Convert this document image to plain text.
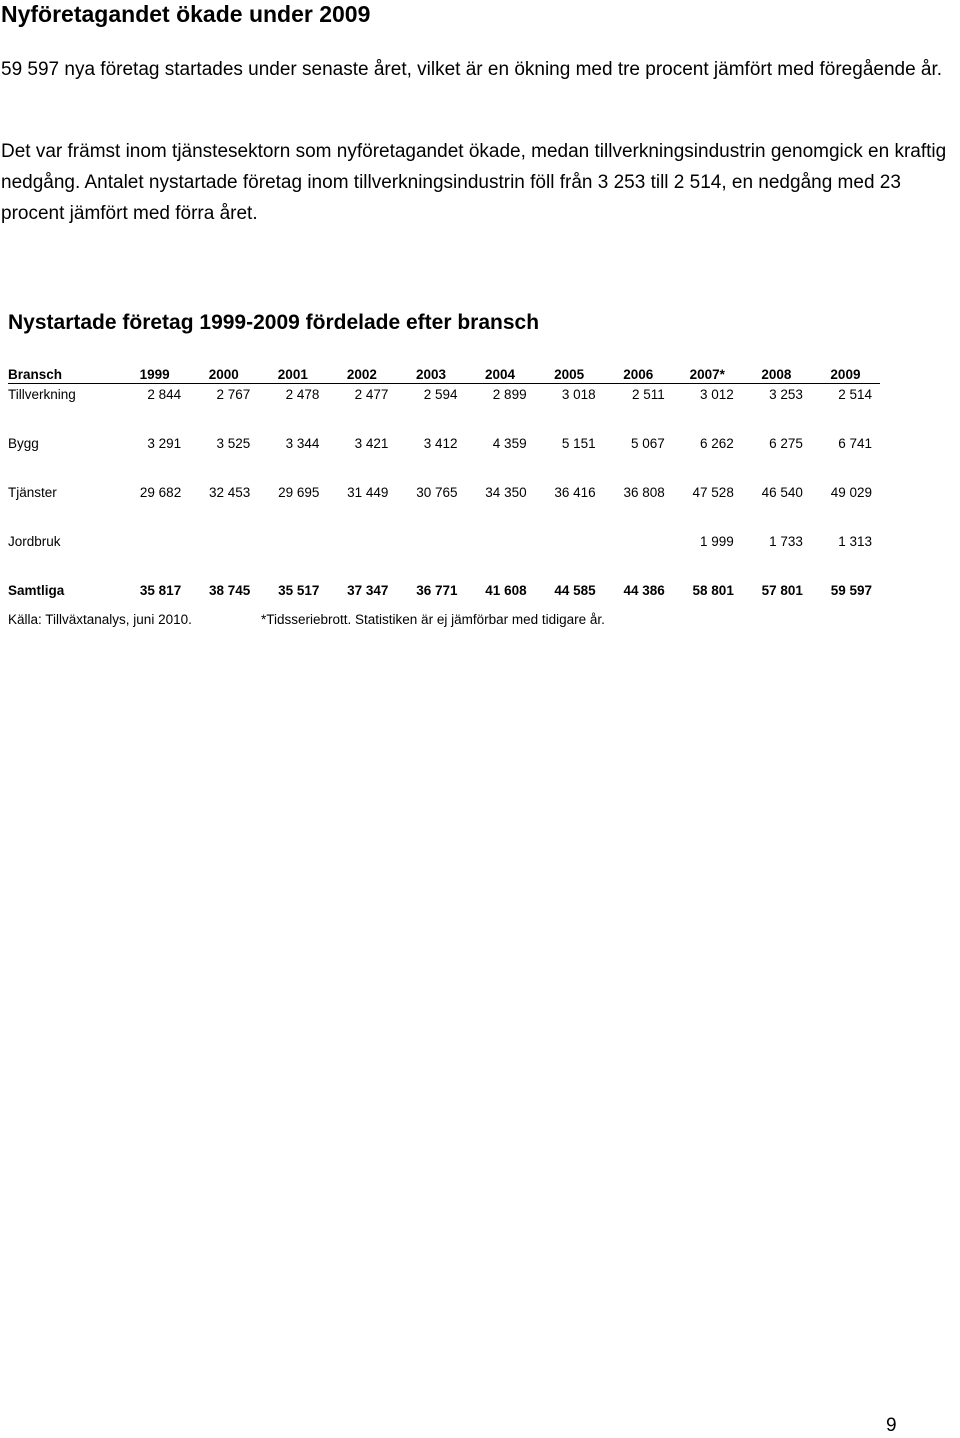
Nyföretagandet ökade under 2009

59 597 nya företag startades under senaste året, vilket är en ökning med tre procent jämfört med föregående år.

Det var främst inom tjänstesektorn som nyföretagandet ökade, medan tillverkningsindustrin genomgick en kraftig nedgång. Antalet nystartade företag inom tillverkningsindustrin föll från 3 253 till 2 514, en nedgång med 23 procent jämfört med förra året.

Nystartade företag 1999-2009 fördelade efter bransch
Bransch	1999	2000	2001	2002	2003	2004	2005	2006	2007*	2008	2009
Tillverkning	2 844	2 767	2 478	2 477	2 594	2 899	3 018	2 511	3 012	3 253	2 514
Bygg	3 291	3 525	3 344	3 421	3 412	4 359	5 151	5 067	6 262	6 275	6 741
Tjänster	29 682	32 453	29 695	31 449	30 765	34 350	36 416	36 808	47 528	46 540	49 029
Jordbruk									1 999	1 733	1 313
Samtliga	35 817	38 745	35 517	37 347	36 771	41 608	44 585	44 386	58 801	57 801	59 597

Källa: Tillväxtanalys, juni 2010.	*Tidsseriebrott. Statistiken är ej jämförbar med tidigare år.

9
